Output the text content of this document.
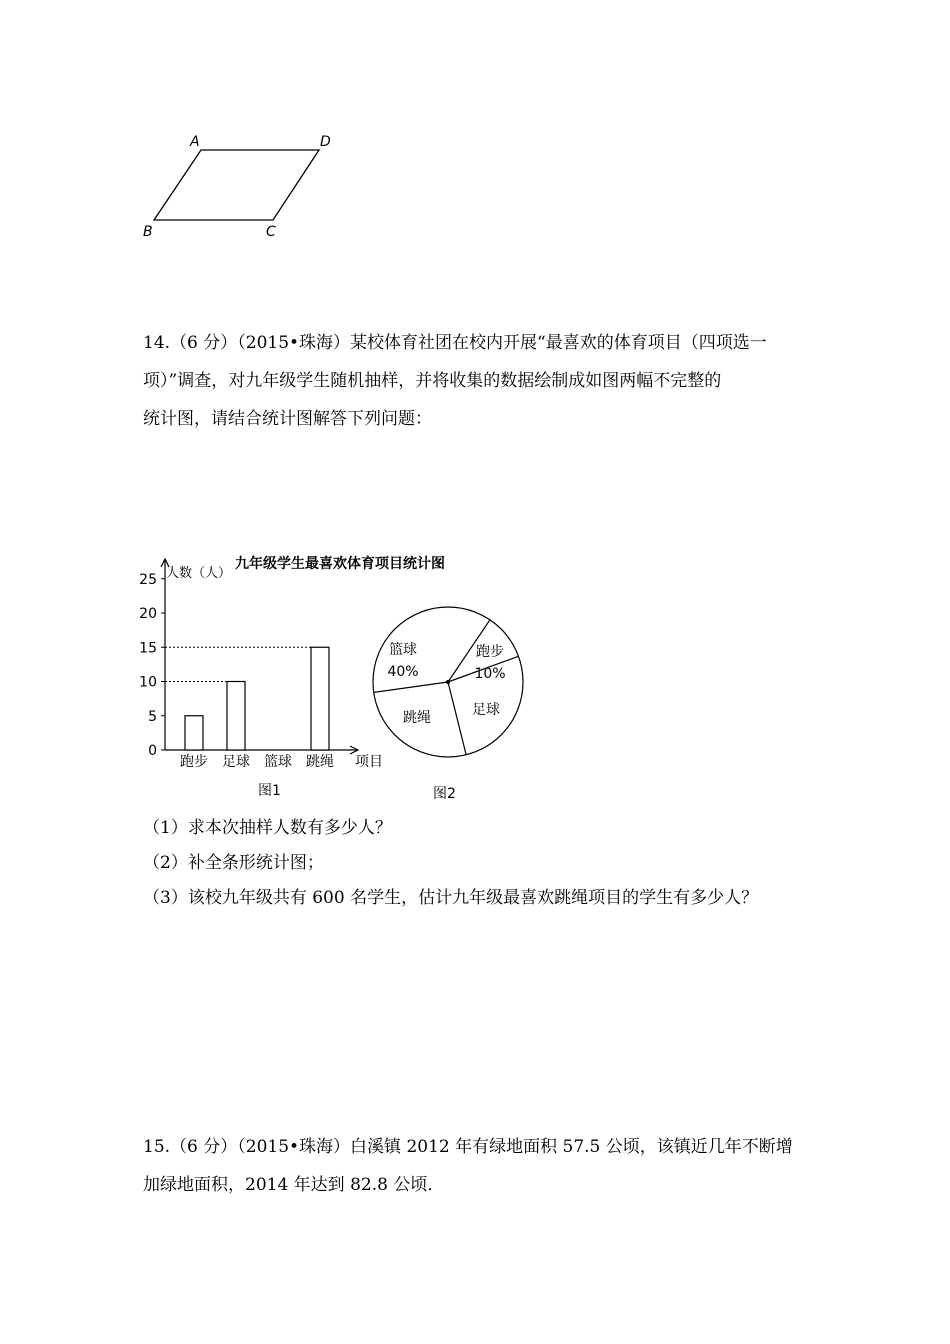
A	D
B	C
14.（6 分）（2015•珠海）某校体育社团在校内开展“最喜欢的体育项目（四项选一
项）”调查，对九年级学生随机抽样，并将收集的数据绘制成如图两幅不完整的
统计图，请结合统计图解答下列问题：
九年级学生最喜欢体育项目统计图
人数（人）
项目
图1
0
5
10
15
20
25
跑步 足球 篮球 跳绳
篮球
40%
跑步
10%
足球
跳绳
图2
（1）求本次抽样人数有多少人？
（2）补全条形统计图；
（3）该校九年级共有 600 名学生，估计九年级最喜欢跳绳项目的学生有多少人？
15.（6 分）（2015•珠海）白溪镇 2012 年有绿地面积 57.5 公顷，该镇近几年不断增
加绿地面积，2014 年达到 82.8 公顷．
